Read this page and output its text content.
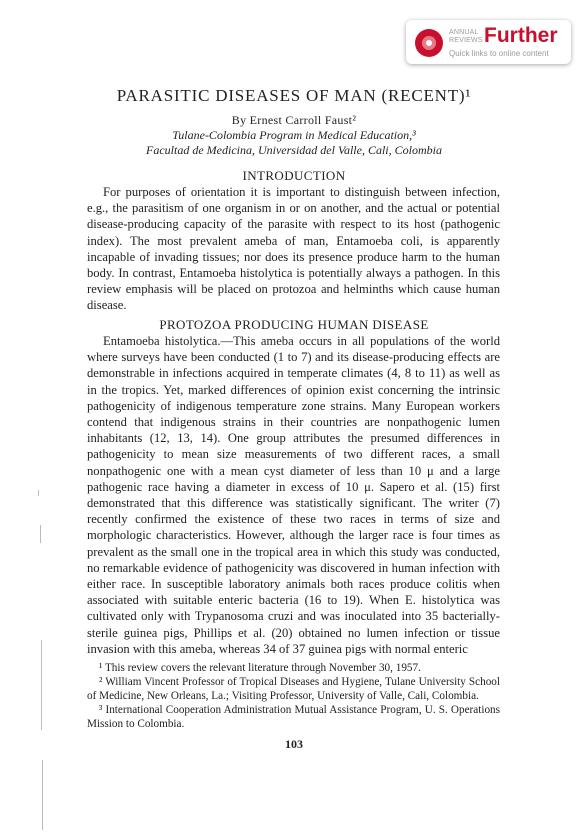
ANNUAL
REVIEWS Further
Quick links to online content
PARASITIC DISEASES OF MAN (RECENT)¹
By Ernest Carroll Faust²
Tulane-Colombia Program in Medical Education,³
Facultad de Medicina, Universidad del Valle, Cali, Colombia
INTRODUCTION

For purposes of orientation it is important to distinguish between infection, e.g., the parasitism of one organism in or on another, and the actual or potential disease-producing capacity of the parasite with respect to its host (pathogenic index). The most prevalent ameba of man, Entamoeba coli, is apparently incapable of invading tissues; nor does its presence produce harm to the human body. In contrast, Entamoeba histolytica is potentially always a pathogen. In this review emphasis will be placed on protozoa and helminths which cause human disease.

PROTOZOA PRODUCING HUMAN DISEASE

Entamoeba histolytica.—This ameba occurs in all populations of the world where surveys have been conducted (1 to 7) and its disease-producing effects are demonstrable in infections acquired in temperate climates (4, 8 to 11) as well as in the tropics. Yet, marked differences of opinion exist concerning the intrinsic pathogenicity of indigenous temperature zone strains. Many European workers contend that indigenous strains in their countries are nonpathogenic lumen inhabitants (12, 13, 14). One group attributes the presumed differences in pathogenicity to mean size measurements of two different races, a small nonpathogenic one with a mean cyst diameter of less than 10 μ and a large pathogenic race having a diameter in excess of 10 μ. Sapero et al. (15) first demonstrated that this difference was statistically significant. The writer (7) recently confirmed the existence of these two races in terms of size and morphologic characteristics. However, although the larger race is four times as prevalent as the small one in the tropical area in which this study was conducted, no remarkable evidence of pathogenicity was discovered in human infection with either race. In susceptible laboratory animals both races produce colitis when associated with suitable enteric bacteria (16 to 19). When E. histolytica was cultivated only with Trypanosoma cruzi and was inoculated into 35 bacterially-sterile guinea pigs, Phillips et al. (20) obtained no lumen infection or tissue invasion with this ameba, whereas 34 of 37 guinea pigs with normal enteric

¹ This review covers the relevant literature through November 30, 1957.

² William Vincent Professor of Tropical Diseases and Hygiene, Tulane University School of Medicine, New Orleans, La.; Visiting Professor, University of Valle, Cali, Colombia.

³ International Cooperation Administration Mutual Assistance Program, U. S. Operations Mission to Colombia.

103
